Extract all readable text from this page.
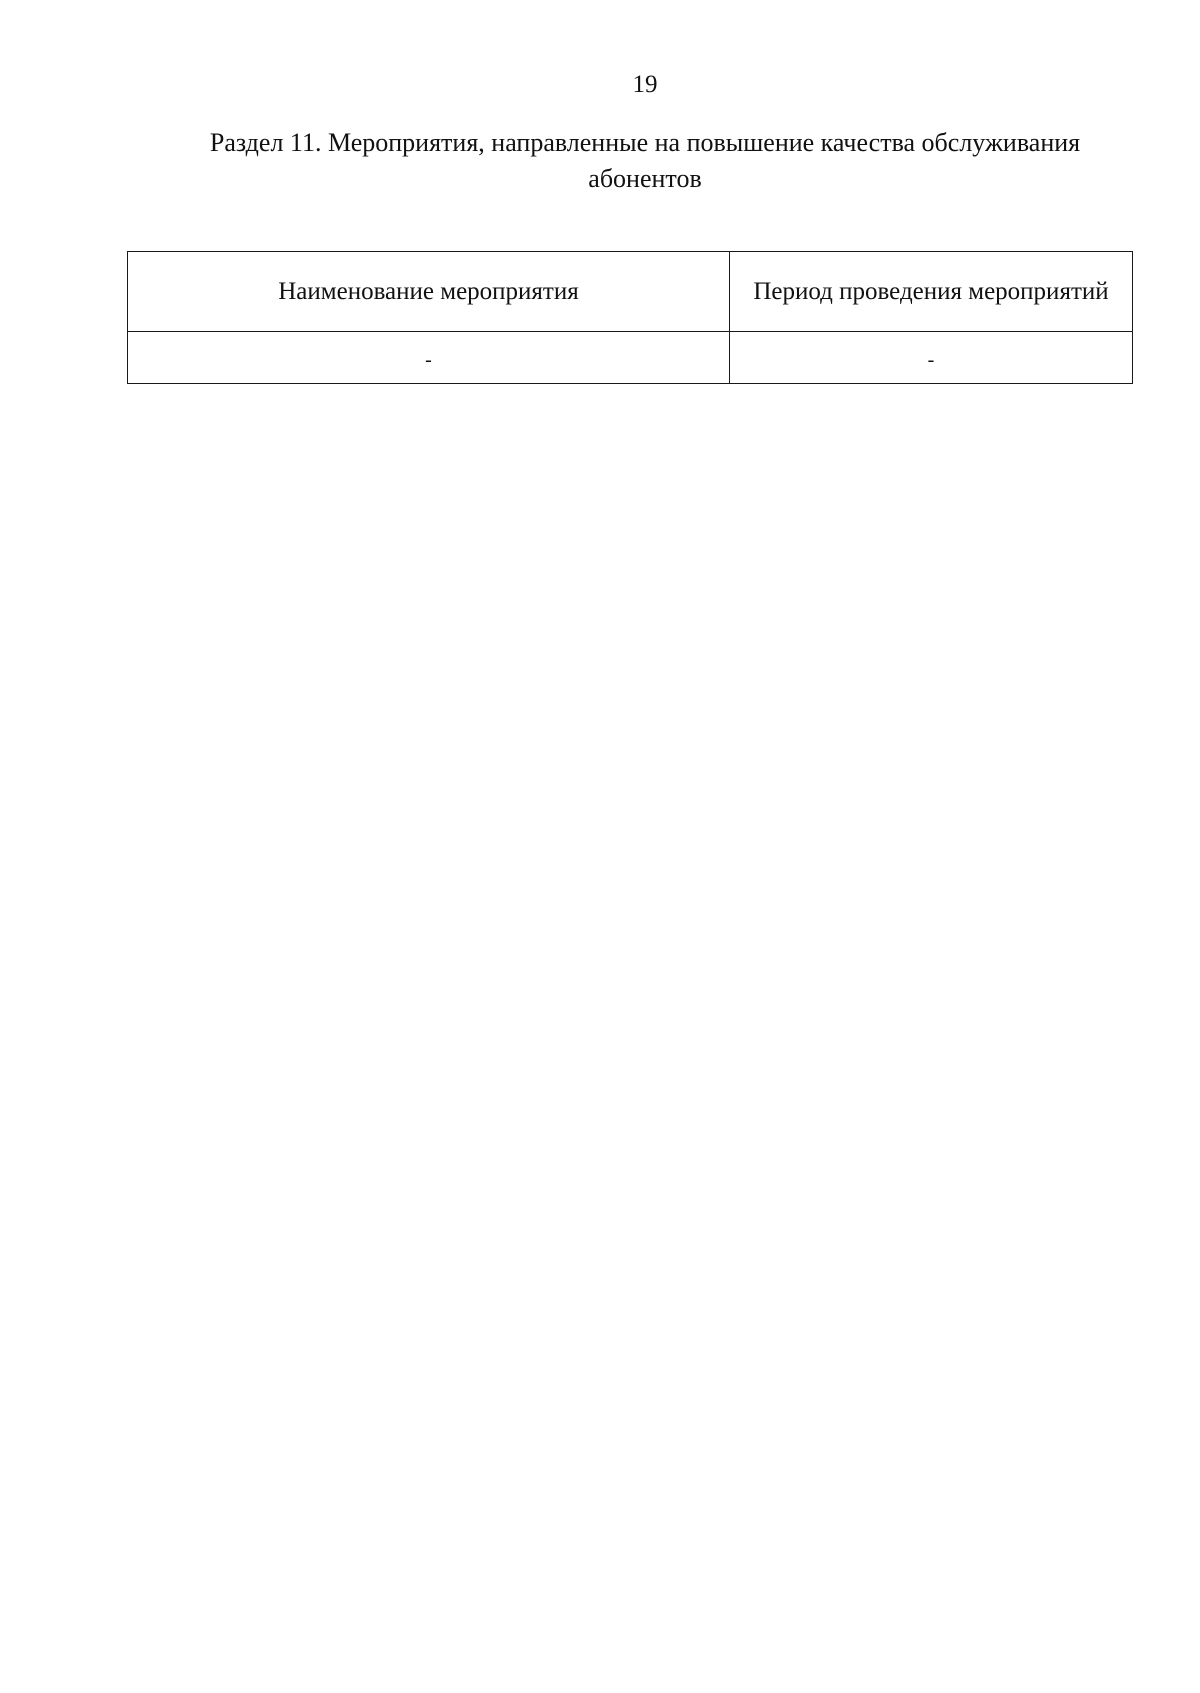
19
Раздел 11. Мероприятия, направленные на повышение качества обслуживания
абонентов
Наименование мероприятия	Период проведения мероприятий
-	-
